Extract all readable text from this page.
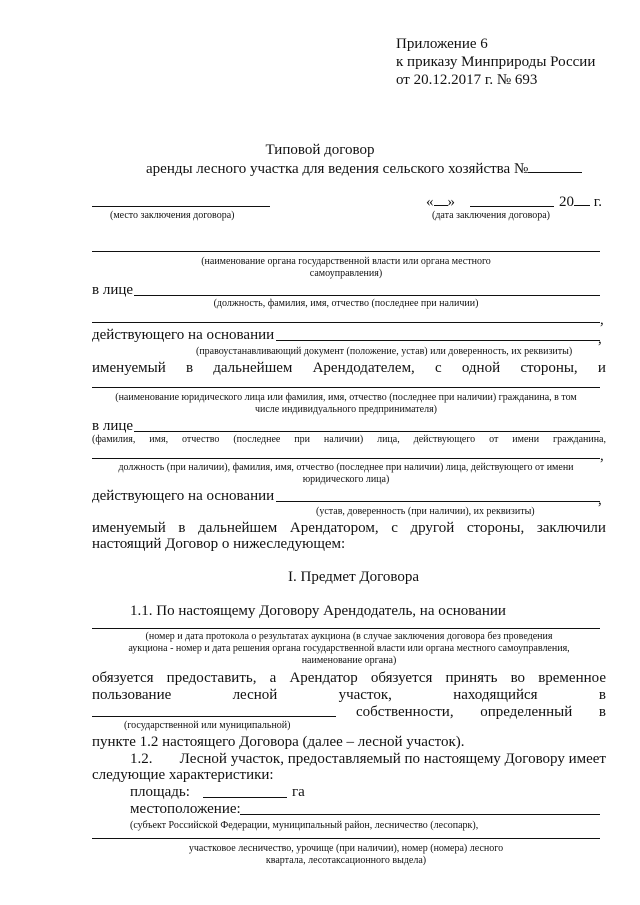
Приложение 6
к приказу Минприроды России
от 20.12.2017 г. № 693
Типовой договор
аренды лесного участка для ведения сельского хозяйства №
(место заключения договора)
« »	20 г.
(дата заключения договора)
(наименование органа государственной власти или органа местного
самоуправления)
в лице
(должность, фамилия, имя, отчество (последнее при наличии)
,
действующего на основании	,
(правоустанавливающий документ (положение, устав) или доверенность, их реквизиты)
именуемый в дальнейшем Арендодателем, с одной стороны, и
(наименование юридического лица или фамилия, имя, отчество (последнее при наличии) гражданина, в том
числе индивидуального предпринимателя)
в лице
(фамилия, имя, отчество (последнее при наличии) лица, действующего от имени гражданина,
,
должность (при наличии), фамилия, имя, отчество (последнее при наличии) лица, действующего от имени
юридического лица)
действующего на основании	,
(устав, доверенность (при наличии), их реквизиты)
именуемый в дальнейшем Арендатором, с другой стороны, заключили
настоящий Договор о нижеследующем:
I. Предмет Договора
1.1. По настоящему Договору Арендодатель, на основании
(номер и дата протокола о результатах аукциона (в случае заключения договора без проведения
аукциона - номер и дата решения органа государственной власти или органа местного самоуправления,
наименование органа)
обязуется предоставить, а Арендатор обязуется принять во временное
пользование	лесной	участок,	находящийся	в
собственности, определенный в
(государственной или муниципальной)
пункте 1.2 настоящего Договора (далее – лесной участок).
1.2. Лесной участок, предоставляемый по настоящему Договору имеет
следующие характеристики:
площадь:	га
местоположение:
(субъект Российской Федерации, муниципальный район, лесничество (лесопарк),
участковое лесничество, урочище (при наличии), номер (номера) лесного
квартала, лесотаксационного выдела)
